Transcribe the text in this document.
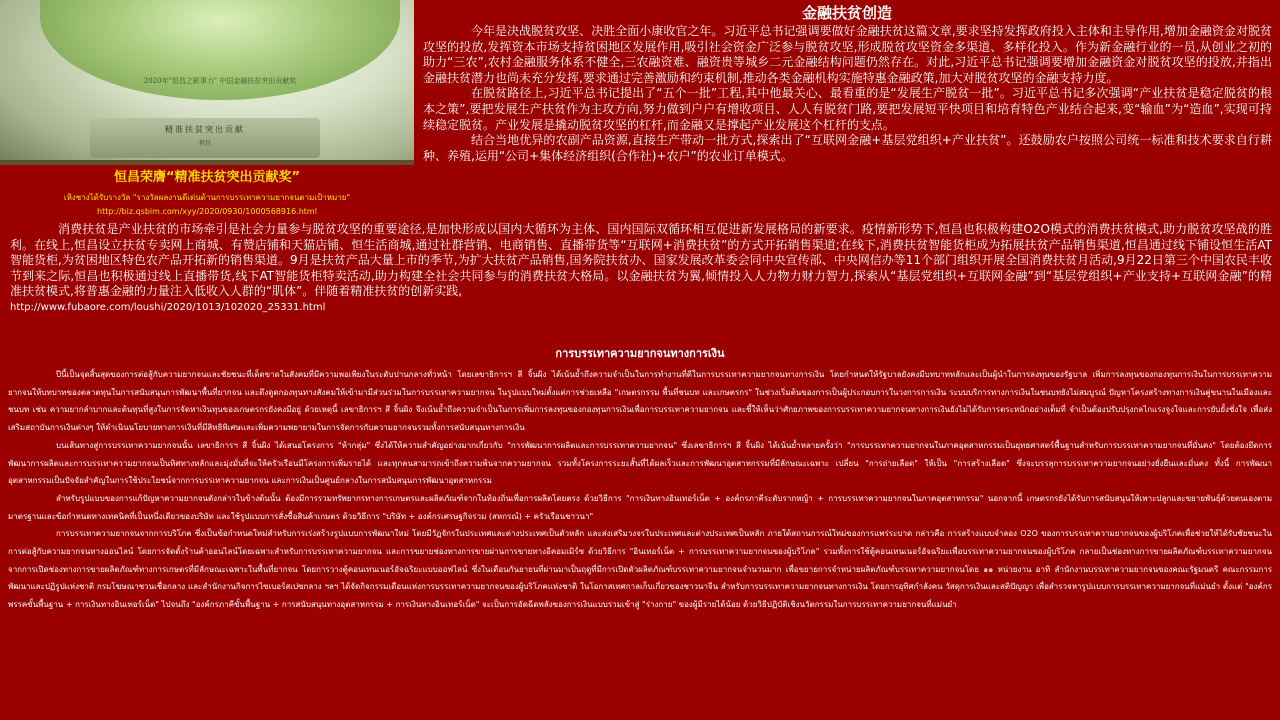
2020年"恒昌之影事力" 中国金融扶贫突出贡献奖
精准扶贫突出贡献
恒昌
恒昌荣膺“精准扶贫突出贡献奖”
เหิงชางได้รับรางวัล "รางวัลผลงานดีเด่นด้านการบรรเทาความยากจนตามเป้าหมาย"
http://biz.qsbim.com/xyy/2020/0930/1000568916.html
金融扶贫创造

今年是决战脱贫攻坚、决胜全面小康收官之年。习近平总书记强调要做好金融扶贫这篇文章,要求坚持发挥政府投入主体和主导作用,增加金融资金对脱贫攻坚的投放,发挥资本市场支持贫困地区发展作用,吸引社会资金广泛参与脱贫攻坚,形成脱贫攻坚资金多渠道、多样化投入。作为新金融行业的一员,从创业之初的助力“三农”,农村金融服务体系不健全,三农融资难、融资贵等城乡二元金融结构问题仍然存在。对此,习近平总书记强调要增加金融资金对脱贫攻坚的投放,并指出金融扶贫潜力也尚未充分发挥,要求通过完善激励和约束机制,推动各类金融机构实施特惠金融政策,加大对脱贫攻坚的金融支持力度。

在脱贫路径上,习近平总书记提出了“五个一批”工程,其中他最关心、最看重的是“发展生产脱贫一批”。习近平总书记多次强调“产业扶贫是稳定脱贫的根本之策”,要把发展生产扶贫作为主攻方向,努力做到户户有增收项目、人人有脱贫门路,要把发展短平快项目和培育特色产业结合起来,变“输血”为“造血”,实现可持续稳定脱贫。产业发展是撬动脱贫攻坚的杠杆,而金融又是撑起产业发展这个杠杆的支点。

结合当地优异的农副产品资源,直接生产带动一批方式,探索出了“互联网金融+基层党组织+产业扶贫”。还鼓励农户按照公司统一标准和技术要求自行耕种、养殖,运用“公司+集体经济组织(合作社)+农户”的农业订单模式。

消费扶贫是产业扶贫的市场牵引是社会力量参与脱贫攻坚的重要途径,是加快形成以国内大循环为主体、国内国际双循环相互促进新发展格局的新要求。疫情新形势下,恒昌也积极构建O2O模式的消费扶贫模式,助力脱贫攻坚战的胜利。在线上,恒昌设立扶贫专卖网上商城、有赞店铺和天猫店铺、恒生活商城,通过社群营销、电商销售、直播带货等“互联网+消费扶贫”的方式开拓销售渠道;在线下,消费扶贫智能货柜成为拓展扶贫产品销售渠道,恒昌通过线下铺设恒生活AT智能货柜,为贫困地区特色农产品开拓新的销售渠道。9月是扶贫产品大量上市的季节,为扩大扶贫产品销售,国务院扶贫办、国家发展改革委会同中央宣传部、中央网信办等11个部门组织开展全国消费扶贫月活动,9月22日第三个中国农民丰收节到来之际,恒昌也积极通过线上直播带货,线下AT智能货柜特卖活动,助力构建全社会共同参与的消费扶贫大格局。以金融扶贫为翼,倾情投入人力物力财力智力,探索从“基层党组织+互联网金融”到“基层党组织+产业支持+互联网金融”的精准扶贫模式,将普惠金融的力量注入低收入人群的“肌体”。伴随着精准扶贫的创新实践,

http://www.fubaore.com/loushi/2020/1013/102020_25331.html
การบรรเทาความยากจนทางการเงิน

ปีนี้เป็นจุดสิ้นสุดของการต่อสู้กับความยากจนและชัยชนะที่เด็ดขาดในสังคมที่มีความพอเพียงในระดับปานกลางทั่วหน้า โดยเลขาธิการฯ สี จิ้นผิง ได้เน้นย้ำถึงความจำเป็นในการทำงานที่ดีในการบรรเทาความยากจนทางการเงิน โดยกำหนดให้รัฐบาลยังคงมีบทบาทหลักและเป็นผู้นำในการลงทุนของรัฐบาล เพิ่มการลงทุนของกองทุนการเงินในการบรรเทาความยากจนให้บทบาทของตลาดทุนในการสนับสนุนการพัฒนาพื้นที่ยากจน และดึงดูดกองทุนทางสังคมให้เข้ามามีส่วนร่วมในการบรรเทาความยากจน ในรูปแบบใหม่ตั้งแต่การช่วยเหลือ "เกษตรกรรม พื้นที่ชนบท และเกษตรกร" ในช่วงเริ่มต้นของการเป็นผู้ประกอบการในวงการการเงิน ระบบบริการทางการเงินในชนบทยังไม่สมบูรณ์ ปัญหาโครงสร้างทางการเงินคู่ขนานในเมืองและชนบท เช่น ความยากลำบากและต้นทุนที่สูงในการจัดหาเงินทุนของเกษตรกรยังคงมีอยู่ ด้วยเหตุนี้ เลขาธิการฯ สี จิ้นผิง จึงเน้นย้ำถึงความจำเป็นในการเพิ่มการลงทุนของกองทุนการเงินเพื่อการบรรเทาความยากจน และชี้ให้เห็นว่าศักยภาพของการบรรเทาความยากจนทางการเงินยังไม่ได้รับการตระหนักอย่างเต็มที่ จำเป็นต้องปรับปรุงกลไกแรงจูงใจและการยับยั้งชั่งใจ เพื่อส่งเสริมสถาบันการเงินต่างๆ ให้ดำเนินนโยบายทางการเงินที่มีสิทธิพิเศษและเพิ่มความพยายามในการจัดการกับความยากจนรวมทั้งการสนับสนุนทางการเงิน

บนเส้นทางสู่การบรรเทาความยากจนนั้น เลขาธิการฯ สี จิ้นผิง ได้เสนอโครงการ "ห้ากลุ่ม" ซึ่งได้ให้ความสำคัญอย่างมากเกี่ยวกับ "การพัฒนาการผลิตและการบรรเทาความยากจน" ซึ่งเลขาธิการฯ สี จิ้นผิง ได้เน้นย้ำหลายครั้งว่า "การบรรเทาความยากจนในภาคอุตสาหกรรมเป็นยุทธศาสตร์พื้นฐานสำหรับการบรรเทาความยากจนที่มั่นคง" โดยต้องยึดการพัฒนาการผลิตและการบรรเทาความยากจนเป็นทิศทางหลักและมุ่งมั่นที่จะให้ครัวเรือนมีโครงการเพิ่มรายได้ และทุกคนสามารถเข้าถึงความพ้นจากความยากจน รวมทั้งโครงการระยะสั้นที่ได้ผลเร็วและการพัฒนาอุตสาหกรรมที่มีลักษณะเฉพาะ เปลี่ยน "การถ่ายเลือด" ให้เป็น "การสร้างเลือด" ซึ่งจะบรรลุการบรรเทาความยากจนอย่างยั่งยืนและมั่นคง ทั้งนี้ การพัฒนาอุตสาหกรรมเป็นปัจจัยสำคัญในการใช้ประโยชน์จากการบรรเทาความยากจน และการเงินเป็นศูนย์กลางในการสนับสนุนการพัฒนาอุตสาหกรรม

สำหรับรูปแบบของการแก้ปัญหาความยากจนดังกล่าวในข้างต้นนั้น ต้องมีการรวมทรัพยากรทางการเกษตรและผลิตภัณฑ์จากในท้องถิ่นเพื่อการผลิตโดยตรง ด้วยวิธีการ "การเงินทางอินเทอร์เน็ต + องค์กรภาคีระดับรากหญ้า + การบรรเทาความยากจนในภาคอุตสาหกรรม" นอกจากนี้ เกษตรกรยังได้รับการสนับสนุนให้เพาะปลูกและขยายพันธุ์ด้วยตนเองตามมาตรฐานและข้อกำหนดทางเทคนิคที่เป็นหนึ่งเดียวของบริษัท และใช้รูปแบบการสั่งซื้อสินค้าเกษตร ด้วยวิธีการ "บริษัท + องค์กรเศรษฐกิจรวม (สหกรณ์) + ครัวเรือนชาวนา"

การบรรเทาความยากจนจากการบริโภค ซึ่งเป็นข้อกำหนดใหม่สำหรับการเร่งสร้างรูปแบบการพัฒนาใหม่ โดยมีวัฏจักรในประเทศและต่างประเทศเป็นตัวหลัก และส่งเสริมวงจรในประเทศและต่างประเทศเป็นหลัก ภายใต้สถานการณ์ใหม่ของการแพร่ระบาด กล่าวคือ การสร้างแบบจำลอง O2O ของการบรรเทาความยากจนของผู้บริโภคเพื่อช่วยให้ได้รับชัยชนะในการต่อสู้กับความยากจนทางออนไลน์ โดยการจัดตั้งร้านค้าออนไลน์โดยเฉพาะสำหรับการบรรเทาความยากจน และการขยายช่องทางการขายผ่านการขายทางอีคอมเมิร์ซ ด้วยวิธีการ "อินเทอร์เน็ต + การบรรเทาความยากจนของผู้บริโภค" รวมทั้งการใช้ตู้คอนเทนเนอร์อัจฉริยะเพื่อบรรเทาความยากจนของผู้บริโภค กลายเป็นช่องทางการขายผลิตภัณฑ์บรรเทาความยากจน จากการเปิดช่องทางการขายผลิตภัณฑ์ทางการเกษตรที่มีลักษณะเฉพาะในพื้นที่ยากจน โดยการวางตู้คอนเทนเนอร์อัจฉริยะแบบออฟไลน์ ซึ่งในเดือนกันยายนที่ผ่านมาเป็นฤดูที่มีการเปิดตัวผลิตภัณฑ์บรรเทาความยากจนจำนวนมาก เพื่อขยายการจำหน่ายผลิตภัณฑ์บรรเทาความยากจนโดย ๑๑ หน่วยงาน อาทิ สำนักงานบรรเทาความยากจนของคณะรัฐมนตรี คณะกรรมการพัฒนาและปฏิรูปแห่งชาติ กรมโฆษณาชวนเชื่อกลาง และสำนักงานกิจการไซเบอร์สเปซกลาง ฯลฯ ได้จัดกิจกรรมเดือนแห่งการบรรเทาความยากจนของผู้บริโภคแห่งชาติ ในโอกาสเทศกาลเก็บเกี่ยวของชาวนาจีน สำหรับการบรรเทาความยากจนทางการเงิน โดยการอุทิศกำลังคน วัสดุการเงินและสติปัญญา เพื่อสำรวจหารูปแบบการบรรเทาความยากจนที่แม่นยำ ตั้งแต่ "องค์กรพรรคขั้นพื้นฐาน + การเงินทางอินเทอร์เน็ต" ไปจนถึง "องค์กรภาคีขั้นพื้นฐาน + การสนับสนุนทางอุตสาหกรรม + การเงินทางอินเทอร์เน็ต" จะเป็นการอัดฉีดพลังของการเงินแบบรวมเข้าสู่ "ร่างกาย" ของผู้มีรายได้น้อย ด้วยวิธีปฏิบัติเชิงนวัตกรรมในการบรรเทาความยากจนที่แม่นยำ
